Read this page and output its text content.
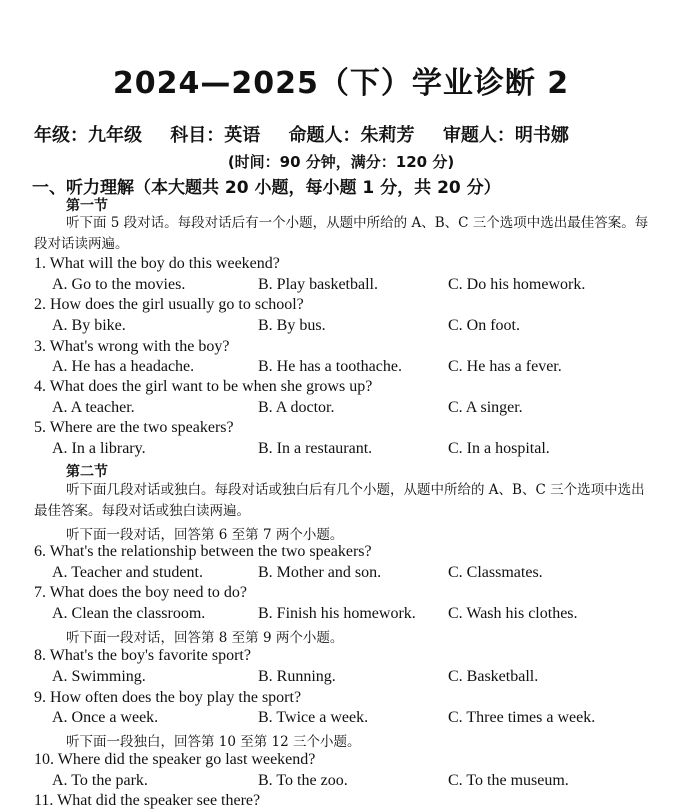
2024—2025（下）学业诊断 2
年级：九年级 科目：英语 命题人：朱莉芳 审题人：明书娜
(时间：90 分钟，满分：120 分)
一、听力理解（本大题共 20 小题，每小题 1 分，共 20 分）
第一节
听下面 5 段对话。每段对话后有一个小题，从题中所给的 A、B、C 三个选项中选出最佳答案。每段对话读两遍。
1. What will the boy do this weekend?
A. Go to the movies.	B. Play basketball.	C. Do his homework.
2. How does the girl usually go to school?
A. By bike.	B. By bus.	C. On foot.
3. What's wrong with the boy?
A. He has a headache.	B. He has a toothache.	C. He has a fever.
4. What does the girl want to be when she grows up?
A. A teacher.	B. A doctor.	C. A singer.
5. Where are the two speakers?
A. In a library.	B. In a restaurant.	C. In a hospital.
第二节
听下面几段对话或独白。每段对话或独白后有几个小题，从题中所给的 A、B、C 三个选项中选出最佳答案。每段对话或独白读两遍。
听下面一段对话，回答第 6 至第 7 两个小题。
6. What's the relationship between the two speakers?
A. Teacher and student.	B. Mother and son.	C. Classmates.
7. What does the boy need to do?
A. Clean the classroom.	B. Finish his homework. C. Wash his clothes.
听下面一段对话，回答第 8 至第 9 两个小题。
8. What's the boy's favorite sport?
A. Swimming.	B. Running.	C. Basketball.
9. How often does the boy play the sport?
A. Once a week.	B. Twice a week.	C. Three times a week.
听下面一段独白，回答第 10 至第 12 三个小题。
10. Where did the speaker go last weekend?
A. To the park.	B. To the zoo.	C. To the museum.
11. What did the speaker see there?
